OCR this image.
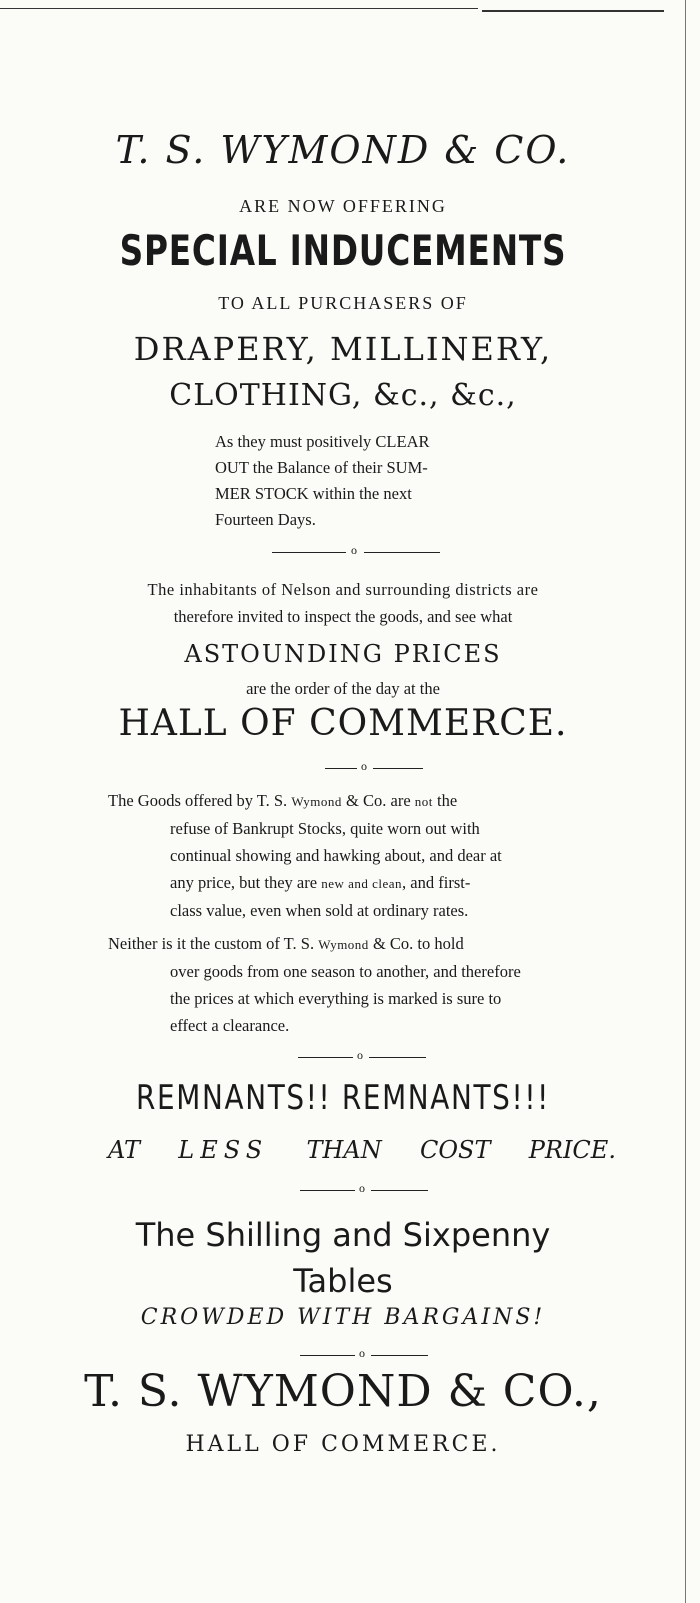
T. S. WYMOND & CO.
ARE NOW OFFERING
SPECIAL INDUCEMENTS
TO ALL PURCHASERS OF
DRAPERY, MILLINERY,
CLOTHING, &c., &c.,
As they must positively CLEAR
OUT the Balance of their SUM-
MER STOCK within the next
Fourteen Days.
o
The inhabitants of Nelson and surrounding districts are
therefore invited to inspect the goods, and see what
ASTOUNDING PRICES
are the order of the day at the
HALL OF COMMERCE.
o
The Goods offered by T. S. Wymond & Co. are not the
refuse of Bankrupt Stocks, quite worn out with
continual showing and hawking about, and dear at
any price, but they are new and clean, and first-
class value, even when sold at ordinary rates.
Neither is it the custom of T. S. Wymond & Co. to hold
over goods from one season to another, and therefore
the prices at which everything is marked is sure to
effect a clearance.
o
REMNANTS!! REMNANTS!!!
AT LESS THAN COST PRICE.
o
The Shilling and Sixpenny
Tables
CROWDED WITH BARGAINS!
o
T. S. WYMOND & CO.,
HALL OF COMMERCE.
